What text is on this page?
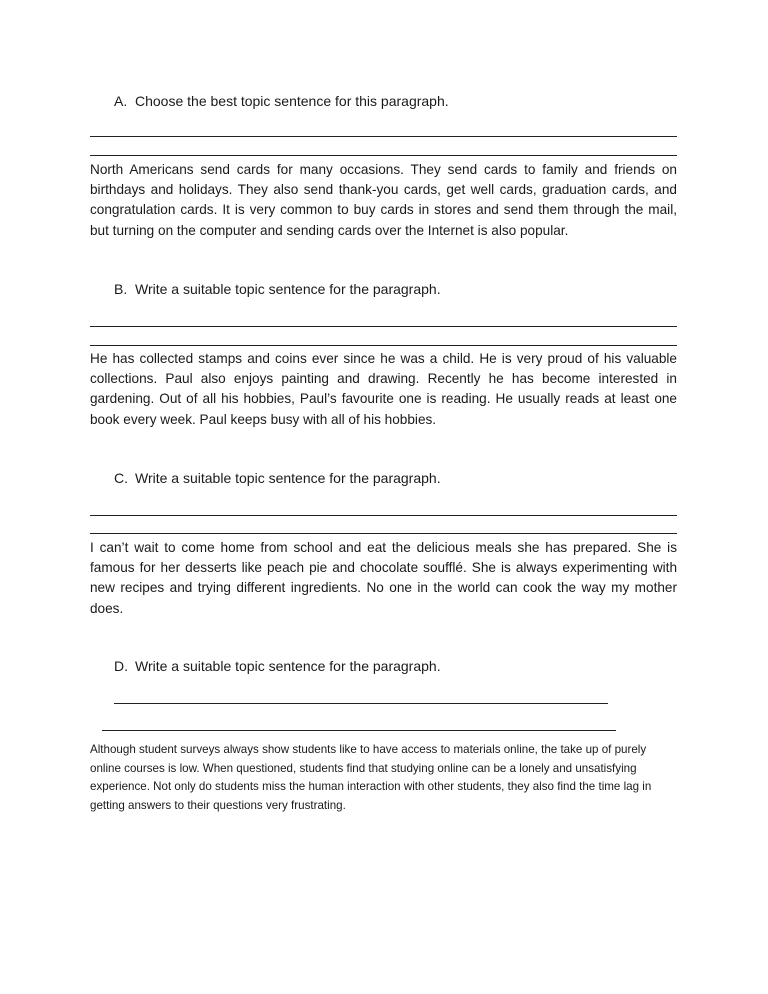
A. Choose the best topic sentence for this paragraph.

North Americans send cards for many occasions. They send cards to family and friends on birthdays and holidays. They also send thank-you cards, get well cards, graduation cards, and congratulation cards. It is very common to buy cards in stores and send them through the mail, but turning on the computer and sending cards over the Internet is also popular.

B. Write a suitable topic sentence for the paragraph.

He has collected stamps and coins ever since he was a child. He is very proud of his valuable collections. Paul also enjoys painting and drawing. Recently he has become interested in gardening. Out of all his hobbies, Paul’s favourite one is reading. He usually reads at least one book every week. Paul keeps busy with all of his hobbies.

C. Write a suitable topic sentence for the paragraph.

I can’t wait to come home from school and eat the delicious meals she has prepared. She is famous for her desserts like peach pie and chocolate soufflé. She is always experimenting with new recipes and trying different ingredients. No one in the world can cook the way my mother does.

D. Write a suitable topic sentence for the paragraph.

Although student surveys always show students like to have access to materials online, the take up of purely online courses is low. When questioned, students find that studying online can be a lonely and unsatisfying experience. Not only do students miss the human interaction with other students, they also find the time lag in getting answers to their questions very frustrating.
